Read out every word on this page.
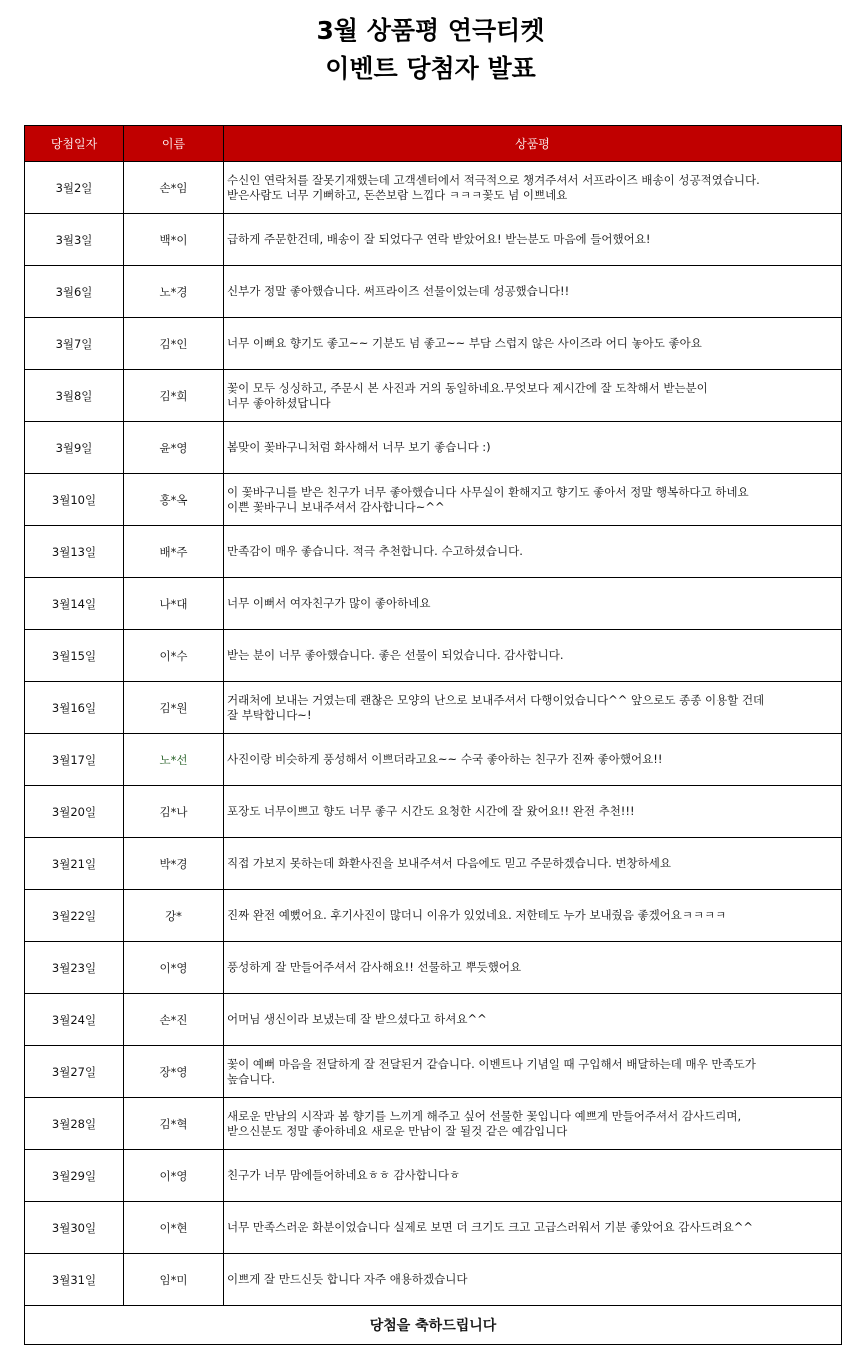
3월 상품평 연극티켓
이벤트 당첨자 발표
당첨일자	이름	상품평
3월2일	손*임	수신인 연락처를 잘못기재했는데 고객센터에서 적극적으로 챙겨주셔서 서프라이즈 배송이 성공적였습니다.
받은사람도 너무 기뻐하고, 돈쓴보람 느낍다 ㅋㅋㅋ꽃도 넘 이쁘네요

3월3일	백*이	급하게 주문한건데, 배송이 잘 되었다구 연락 받았어요! 받는분도 마음에 들어했어요!

3월6일	노*경	신부가 정말 좋아했습니다. 써프라이즈 선물이었는데 성공했습니다!!

3월7일	김*인	너무 이뻐요 향기도 좋고~~ 기분도 넘 좋고~~ 부담 스럽지 않은 사이즈라 어디 놓아도 좋아요

3월8일	김*희	꽃이 모두 싱싱하고, 주문시 본 사진과 거의 동일하네요.무엇보다 제시간에 잘 도착해서 받는분이
너무 좋아하셨답니다

3월9일	윤*영	봄맞이 꽃바구니처럼 화사해서 너무 보기 좋습니다 :)

3월10일	홍*옥	이 꽃바구니를 받은 친구가 너무 좋아했습니다 사무실이 환해지고 향기도 좋아서 정말 행복하다고 하네요
이쁜 꽃바구니 보내주셔서 감사합니다~^^

3월13일	배*주	만족감이 매우 좋습니다. 적극 추천합니다. 수고하셨습니다.

3월14일	나*대	너무 이뻐서 여자친구가 많이 좋아하네요

3월15일	이*수	받는 분이 너무 좋아했습니다. 좋은 선물이 되었습니다. 감사합니다.

3월16일	김*원	거래처에 보내는 거였는데 괜찮은 모양의 난으로 보내주셔서 다행이었습니다^^ 앞으로도 종종 이용할 건데
잘 부탁합니다~!

3월17일	노*선	사진이랑 비슷하게 풍성해서 이쁘더라고요~~ 수국 좋아하는 친구가 진짜 좋아했어요!!

3월20일	김*나	포장도 너무이쁘고 향도 너무 좋구 시간도 요청한 시간에 잘 왔어요!! 완전 추천!!!

3월21일	박*경	직접 가보지 못하는데 화환사진을 보내주셔서 다음에도 믿고 주문하겠습니다. 번창하세요

3월22일	강*	진짜 완전 예뻤어요. 후기사진이 많더니 이유가 있었네요. 저한테도 누가 보내줬음 좋겠어요ㅋㅋㅋㅋ

3월23일	이*영	풍성하게 잘 만들어주셔서 감사해요!! 선물하고 뿌듯했어요

3월24일	손*진	어머님 생신이라 보냈는데 잘 받으셨다고 하셔요^^

3월27일	장*영	꽃이 예뻐 마음을 전달하게 잘 전달된거 같습니다. 이벤트나 기념일 때 구입해서 배달하는데 매우 만족도가
높습니다.

3월28일	김*혁	새로운 만남의 시작과 봄 향기를 느끼게 해주고 싶어 선물한 꽃입니다 예쁘게 만들어주셔서 감사드리며,
받으신분도 정말 좋아하네요 새로운 만남이 잘 될것 같은 예감입니다

3월29일	이*영	친구가 너무 맘에들어하네요ㅎㅎ 감사합니다ㅎ

3월30일	이*현	너무 만족스러운 화분이었습니다 실제로 보면 더 크기도 크고 고급스러워서 기분 좋았어요 감사드려요^^

3월31일	임*미	이쁘게 잘 만드신듯 합니다 자주 애용하겠습니다

당첨을 축하드립니다		
